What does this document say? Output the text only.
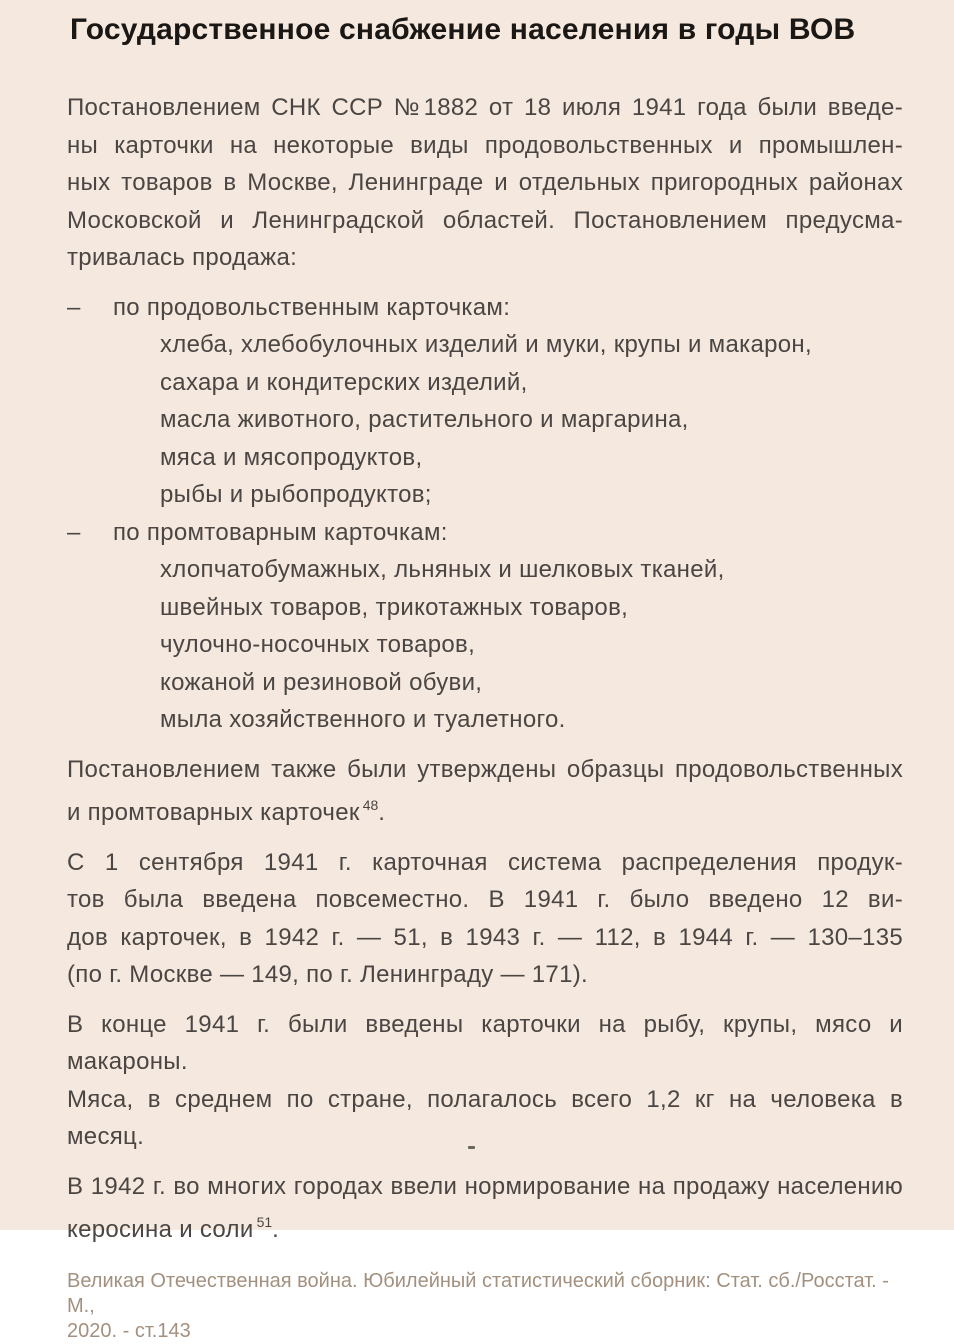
Государственное снабжение населения в годы ВОВ
Постановлением СНК ССР №1882 от 18 июля 1941 года были введе-
ны карточки на некоторые виды продовольственных и промышлен-
ных товаров в Москве, Ленинграде и отдельных пригородных районах
Московской и Ленинградской областей. Постановлением предусма-
тривалась продажа:
–	по продовольственным карточкам:
хлеба, хлебобулочных изделий и муки, крупы и макарон,
сахара и кондитерских изделий,
масла животного, растительного и маргарина,
мяса и мясопродуктов,
рыбы и рыбопродуктов;
–	по промтоварным карточкам:
хлопчатобумажных, льняных и шелковых тканей,
швейных товаров, трикотажных товаров,
чулочно-носочных товаров,
кожаной и резиновой обуви,
мыла хозяйственного и туалетного.
Постановлением также были утверждены образцы продовольственных
и промтоварных карточек $^{48}$.
С 1 сентября 1941 г. карточная система распределения продук-
тов была введена повсеместно. В 1941 г. было введено 12 ви-
дов карточек, в 1942 г. — 51, в 1943 г. — 112, в 1944 г. — 130–135
(по г. Москве — 149, по г. Ленинграду — 171).
В конце 1941 г. были введены карточки на рыбу, крупы, мясо и макароны.
Мяса, в среднем по стране, полагалось всего 1,2 кг на человека в месяц.
В 1942 г. во многих городах ввели нормирование на продажу населению
керосина и соли $^{51}$.
Великая Отечественная война. Юбилейный статистический сборник: Стат. сб./Росстат. - М.,
2020. - ст.143
